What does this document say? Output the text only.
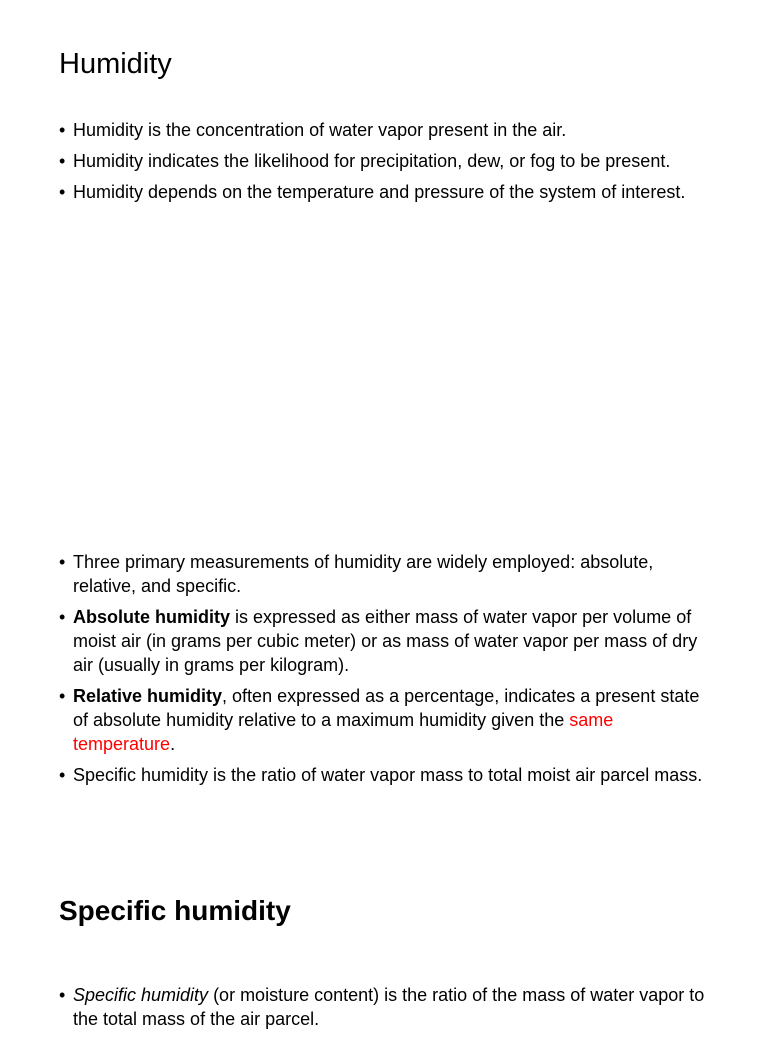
Humidity
• Humidity is the concentration of water vapor present in the air.
• Humidity indicates the likelihood for precipitation, dew, or fog to be present.
• Humidity depends on the temperature and pressure of the system of interest.
• Three primary measurements of humidity are widely employed: absolute, relative, and specific.
• Absolute humidity is expressed as either mass of water vapor per volume of moist air (in grams per cubic meter) or as mass of water vapor per mass of dry air (usually in grams per kilogram).
• Relative humidity, often expressed as a percentage, indicates a present state of absolute humidity relative to a maximum humidity given the same temperature.
• Specific humidity is the ratio of water vapor mass to total moist air parcel mass.
Specific humidity
• Specific humidity (or moisture content) is the ratio of the mass of water vapor to the total mass of the air parcel.
